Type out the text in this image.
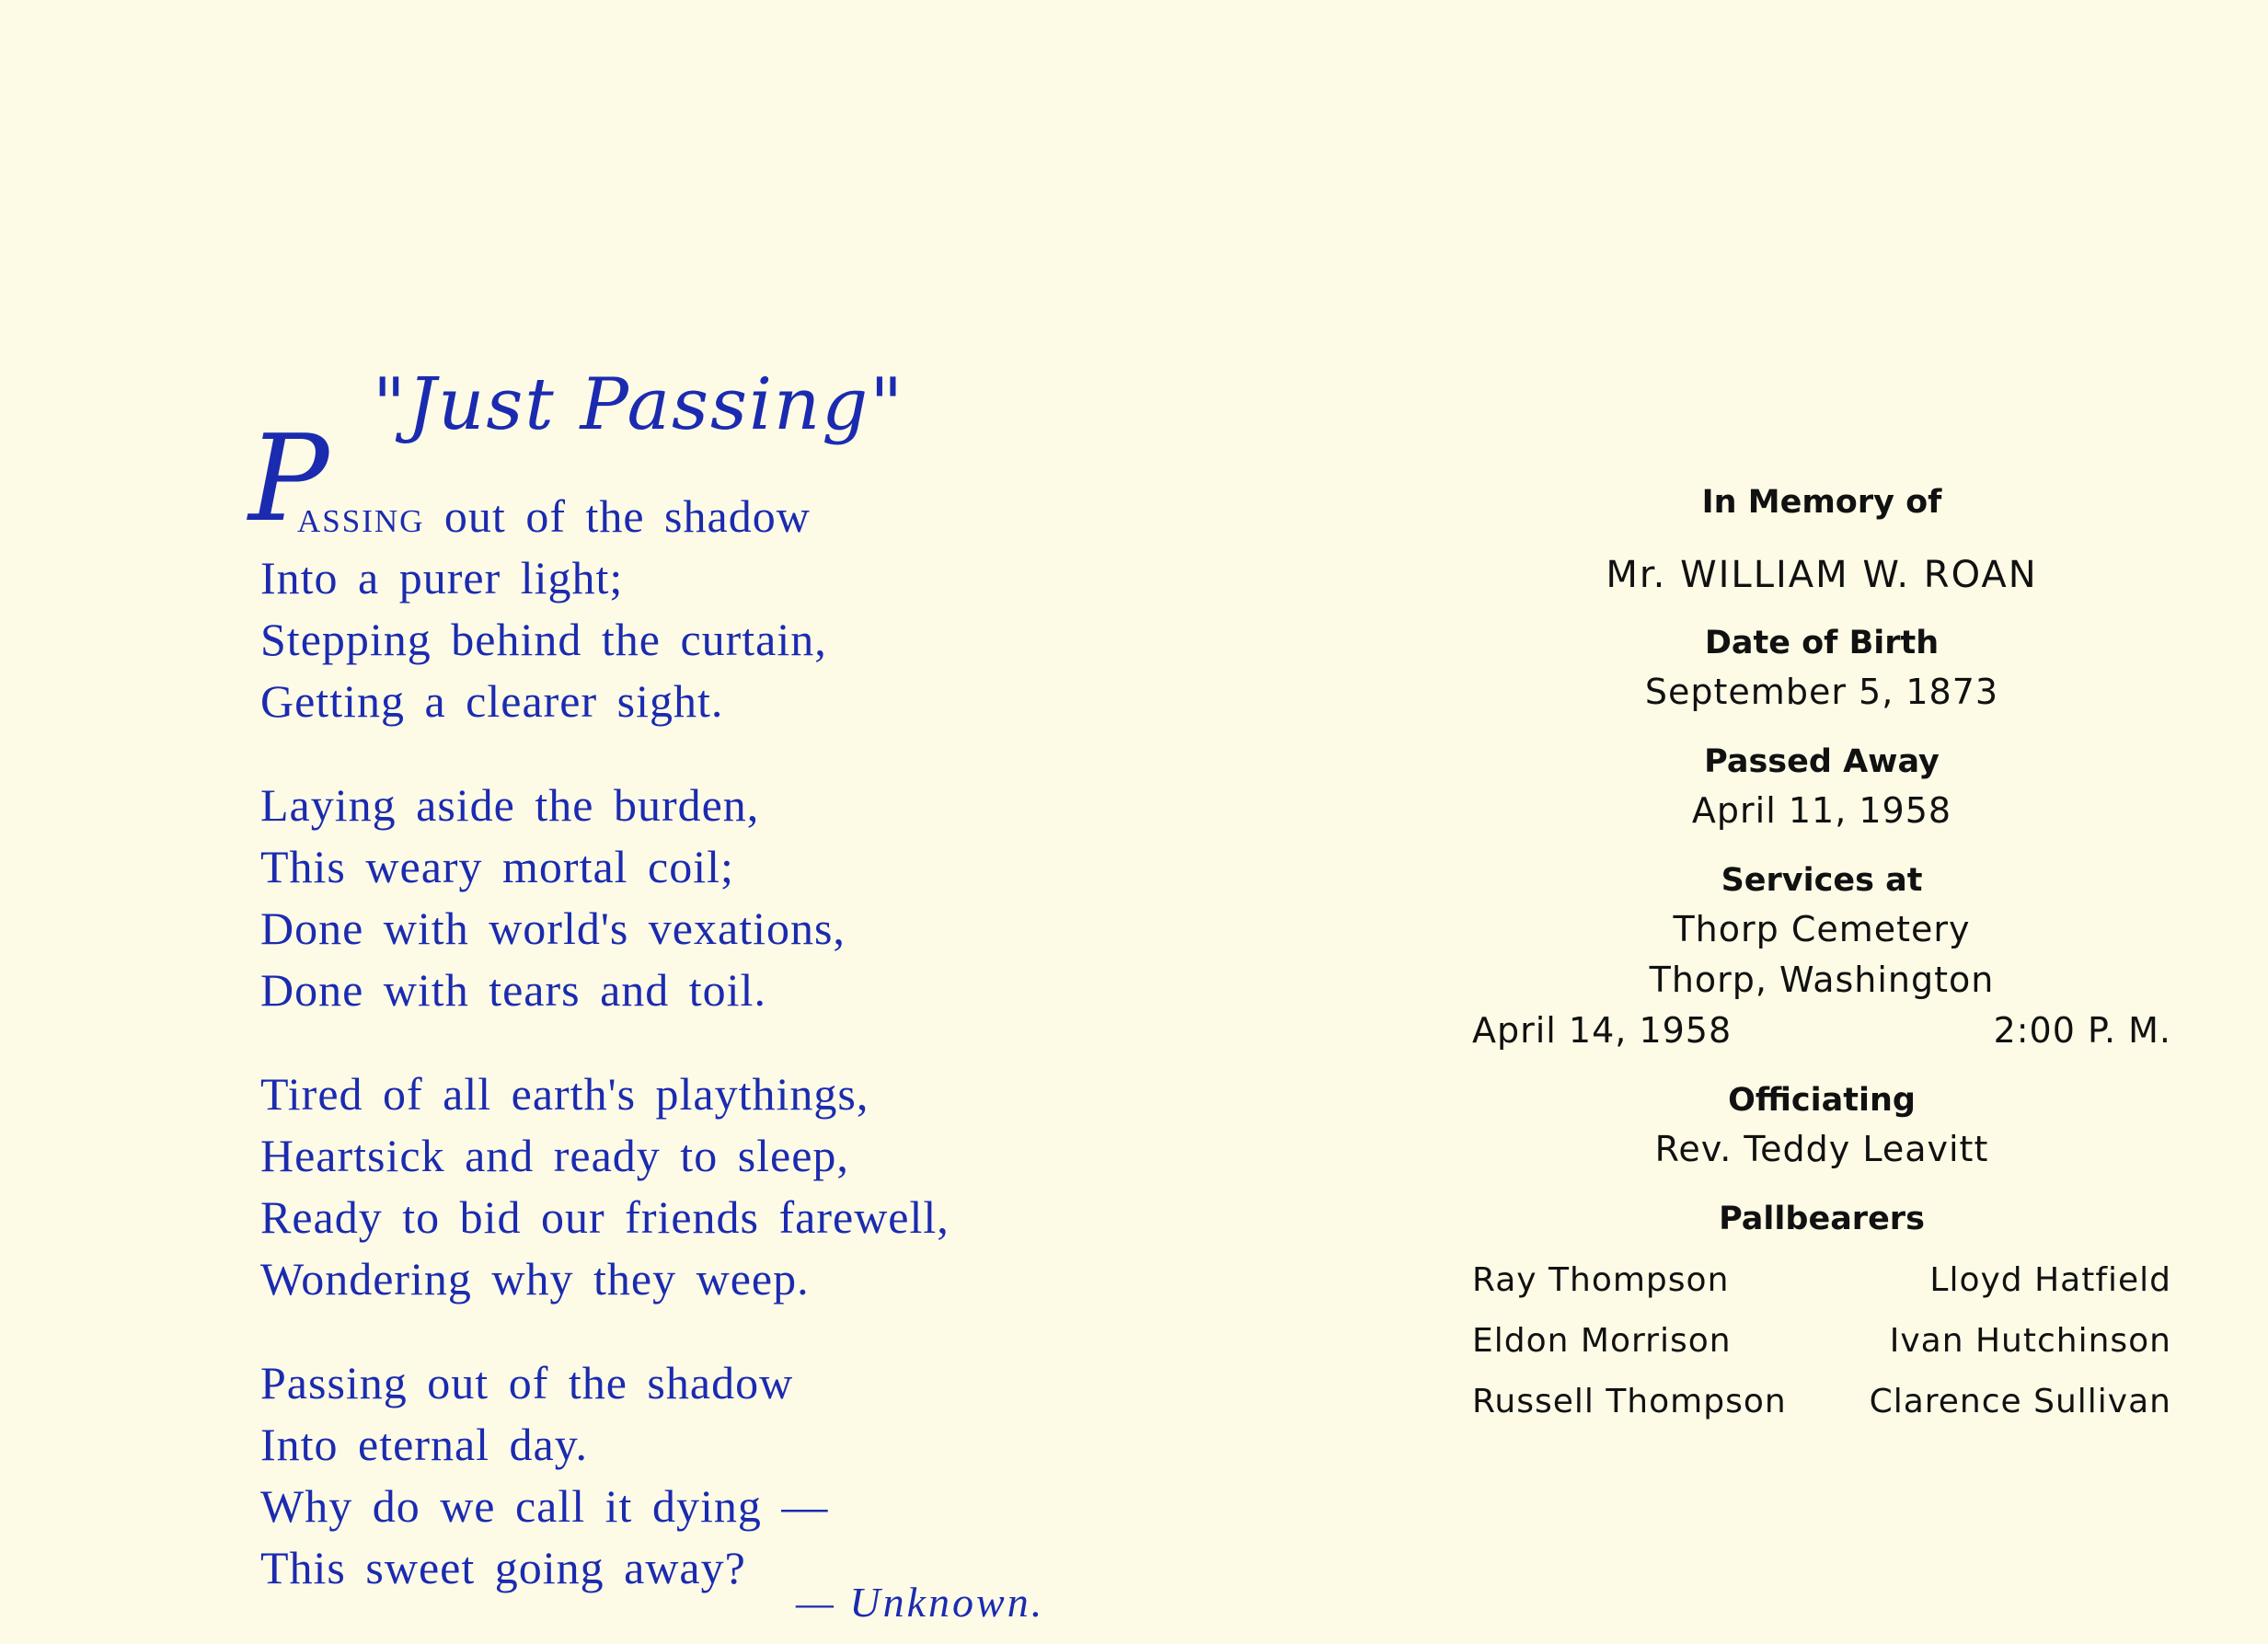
"Just Passing"
P
assing out of the shadow
Into a purer light;
Stepping behind the curtain,
Getting a clearer sight.
Laying aside the burden,
This weary mortal coil;
Done with world's vexations,
Done with tears and toil.
Tired of all earth's playthings,
Heartsick and ready to sleep,
Ready to bid our friends farewell,
Wondering why they weep.
Passing out of the shadow
Into eternal day.
Why do we call it dying —
This sweet going away?
— Unknown.
In Memory of
Mr. WILLIAM W. ROAN
Date of Birth
September 5, 1873
Passed Away
April 11, 1958
Services at
Thorp Cemetery
Thorp, Washington
April 14, 1958	2:00 P. M.
Officiating
Rev. Teddy Leavitt
Pallbearers
Ray Thompson	Lloyd Hatfield
Eldon Morrison	Ivan Hutchinson
Russell Thompson	Clarence Sullivan
